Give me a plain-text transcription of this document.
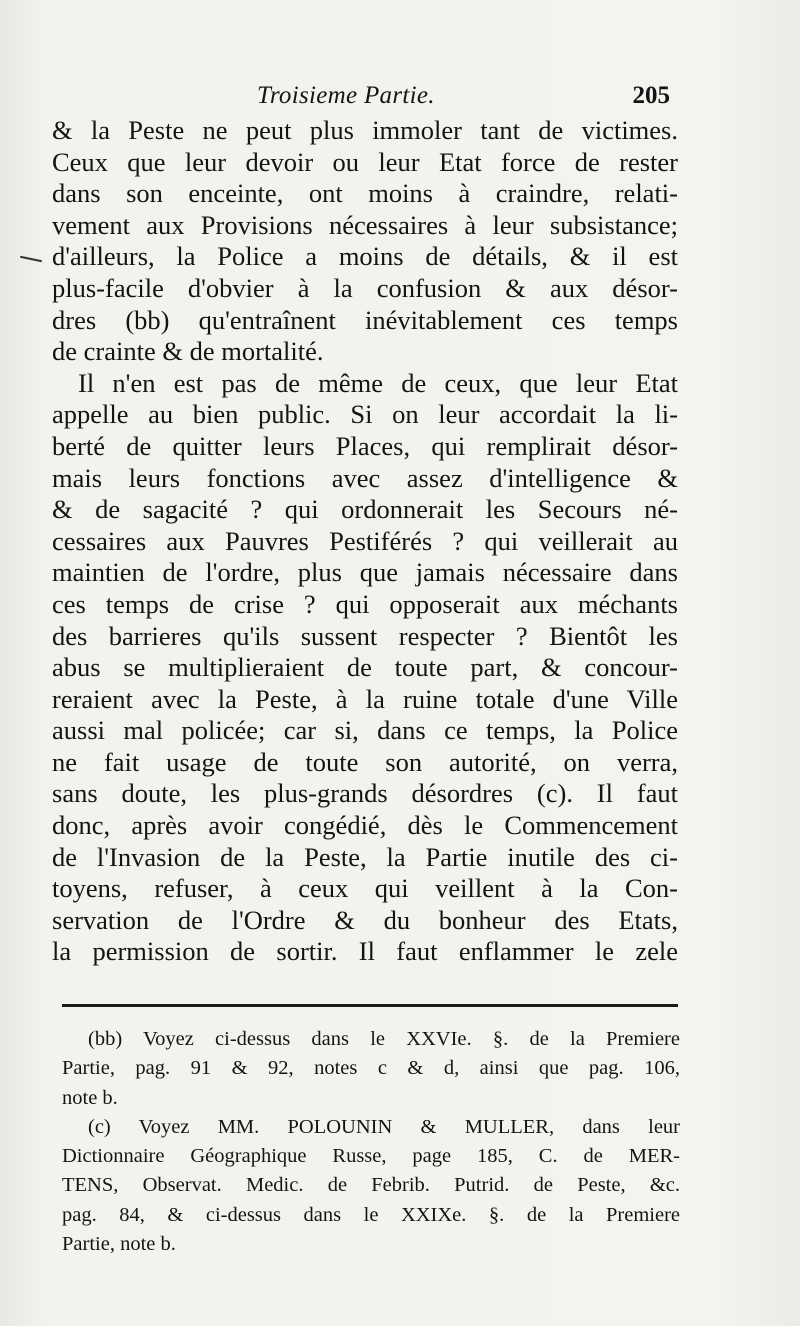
Troisieme Partie.	205
& la Peste ne peut plus immoler tant de victimes.
Ceux que leur devoir ou leur Etat force de rester
dans son enceinte, ont moins à craindre, relati-
vement aux Provisions nécessaires à leur subsistance;
d'ailleurs, la Police a moins de détails, & il est
plus-facile d'obvier à la confusion & aux désor-
dres (bb) qu'entraînent inévitablement ces temps
de crainte & de mortalité.
Il n'en est pas de même de ceux, que leur Etat
appelle au bien public. Si on leur accordait la li-
berté de quitter leurs Places, qui remplirait désor-
mais leurs fonctions avec assez d'intelligence &
& de sagacité ? qui ordonnerait les Secours né-
cessaires aux Pauvres Pestiférés ? qui veillerait au
maintien de l'ordre, plus que jamais nécessaire dans
ces temps de crise ? qui opposerait aux méchants
des barrieres qu'ils sussent respecter ? Bientôt les
abus se multiplieraient de toute part, & concour-
reraient avec la Peste, à la ruine totale d'une Ville
aussi mal policée; car si, dans ce temps, la Police
ne fait usage de toute son autorité, on verra,
sans doute, les plus-grands désordres (c). Il faut
donc, après avoir congédié, dès le Commencement
de l'Invasion de la Peste, la Partie inutile des ci-
toyens, refuser, à ceux qui veillent à la Con-
servation de l'Ordre & du bonheur des Etats,
la permission de sortir. Il faut enflammer le zele
(bb) Voyez ci-dessus dans le XXVIe. §. de la Premiere
Partie, pag. 91 & 92, notes c & d, ainsi que pag. 106,
note b.
(c) Voyez MM. POLOUNIN & MULLER, dans leur
Dictionnaire Géographique Russe, page 185, C. de MER-
TENS, Observat. Medic. de Febrib. Putrid. de Peste, &c.
pag. 84, & ci-dessus dans le XXIXe. §. de la Premiere
Partie, note b.
